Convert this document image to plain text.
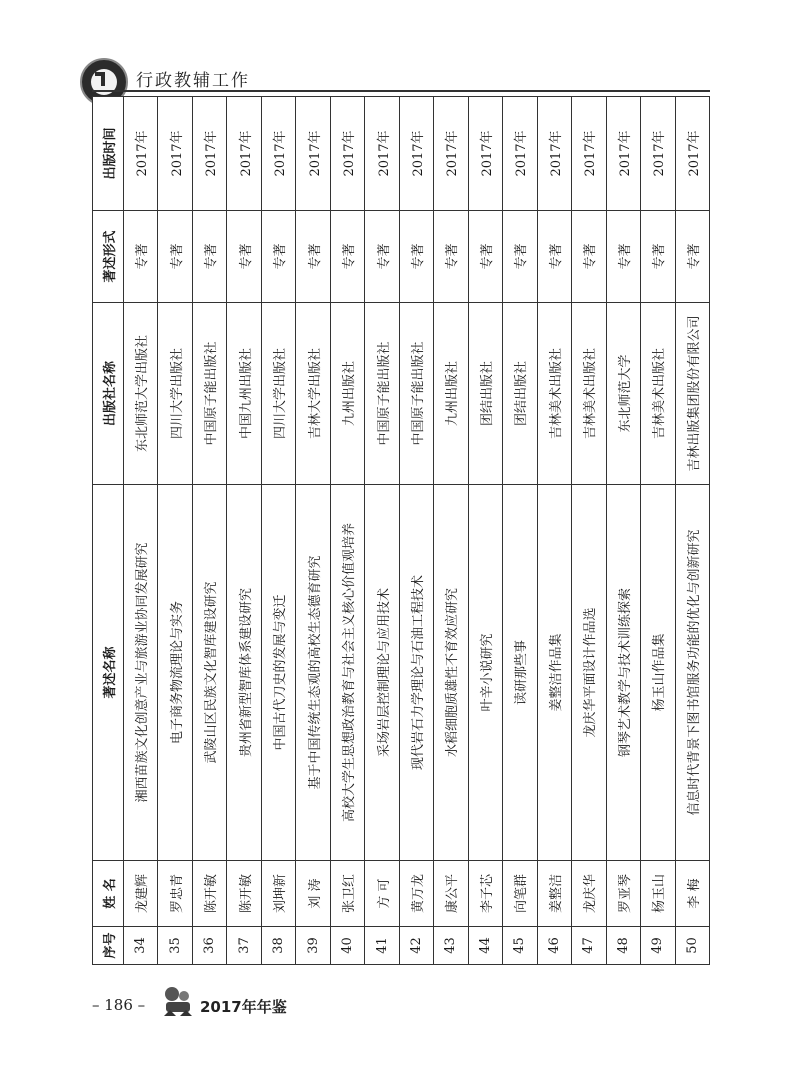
行政教辅工作
序号	姓 名	著述名称	出版社名称	著述形式	出版时间
34	龙建辉	湘西苗族文化创意产业与旅游业协同发展研究	东北师范大学出版社	专著	2017年
35	罗忠青	电子商务物流理论与实务	四川大学出版社	专著	2017年
36	陈开敏	武陵山区民族文化智库建设研究	中国原子能出版社	专著	2017年
37	陈开敏	贵州省新型智库体系建设研究	中国九州出版社	专著	2017年
38	刘坤新	中国古代刀史的发展与变迁	四川大学出版社	专著	2017年
39	刘 涛	基于中国传统生态观的高校生态德育研究	吉林大学出版社	专著	2017年
40	张卫红	高校大学生思想政治教育与社会主义核心价值观培养	九州出版社	专著	2017年
41	方 可	采场岩层控制理论与应用技术	中国原子能出版社	专著	2017年
42	黄万龙	现代岩石力学理论与石油工程技术	中国原子能出版社	专著	2017年
43	康公平	水稻细胞质雄性不育效应研究	九州出版社	专著	2017年
44	李子芯	叶辛小说研究	团结出版社	专著	2017年
45	向笔群	读研那些事	团结出版社	专著	2017年
46	姜整洁	姜整洁作品集	吉林美术出版社	专著	2017年
47	龙庆华	龙庆华平面设计作品选	吉林美术出版社	专著	2017年
48	罗亚琴	钢琴艺术教学与技术训练探索	东北师范大学	专著	2017年
49	杨玉山	杨玉山作品集	吉林美术出版社	专著	2017年
50	李 梅	信息时代背景下图书馆服务功能的优化与创新研究	吉林出版集团股份有限公司	专著	2017年
– 186 –	2017年年鉴
